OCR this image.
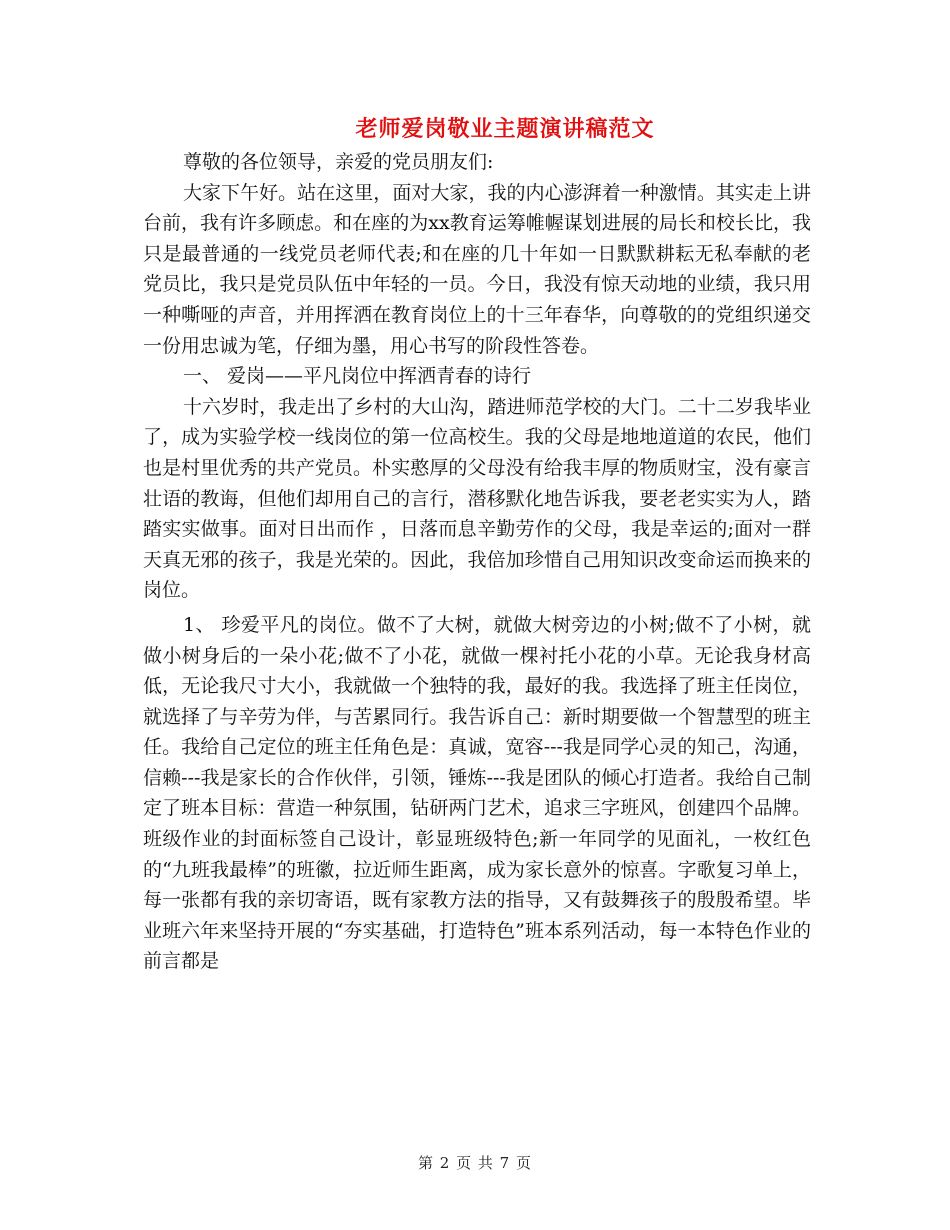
老师爱岗敬业主题演讲稿范文

尊敬的各位领导，亲爱的党员朋友们:

大家下午好。站在这里，面对大家，我的内心澎湃着一种激情。其实走上讲台前，我有许多顾虑。和在座的为xx教育运筹帷幄谋划进展的局长和校长比，我只是最普通的一线党员老师代表;和在座的几十年如一日默默耕耘无私奉献的老党员比，我只是党员队伍中年轻的一员。今日，我没有惊天动地的业绩，我只用一种嘶哑的声音，并用挥洒在教育岗位上的十三年春华，向尊敬的的党组织递交一份用忠诚为笔，仔细为墨，用心书写的阶段性答卷。

一、 爱岗——平凡岗位中挥洒青春的诗行

十六岁时，我走出了乡村的大山沟，踏进师范学校的大门。二十二岁我毕业了，成为实验学校一线岗位的第一位高校生。我的父母是地地道道的农民，他们也是村里优秀的共产党员。朴实憨厚的父母没有给我丰厚的物质财宝，没有豪言壮语的教诲，但他们却用自己的言行，潜移默化地告诉我，要老老实实为人，踏踏实实做事。面对日出而作 ，日落而息辛勤劳作的父母，我是幸运的;面对一群天真无邪的孩子，我是光荣的。因此，我倍加珍惜自己用知识改变命运而换来的岗位。

1、 珍爱平凡的岗位。做不了大树，就做大树旁边的小树;做不了小树，就做小树身后的一朵小花;做不了小花，就做一棵衬托小花的小草。无论我身材高低，无论我尺寸大小，我就做一个独特的我，最好的我。我选择了班主任岗位，就选择了与辛劳为伴，与苦累同行。我告诉自己：新时期要做一个智慧型的班主任。我给自己定位的班主任角色是：真诚，宽容---我是同学心灵的知己，沟通，信赖---我是家长的合作伙伴，引领，锤炼---我是团队的倾心打造者。我给自己制定了班本目标：营造一种氛围，钻研两门艺术，追求三字班风，创建四个品牌。班级作业的封面标签自己设计，彰显班级特色;新一年同学的见面礼，一枚红色的“九班我最棒”的班徽，拉近师生距离，成为家长意外的惊喜。字歌复习单上，每一张都有我的亲切寄语，既有家教方法的指导，又有鼓舞孩子的殷殷希望。毕业班六年来坚持开展的“夯实基础，打造特色”班本系列活动，每一本特色作业的前言都是

第 2 页 共 7 页
